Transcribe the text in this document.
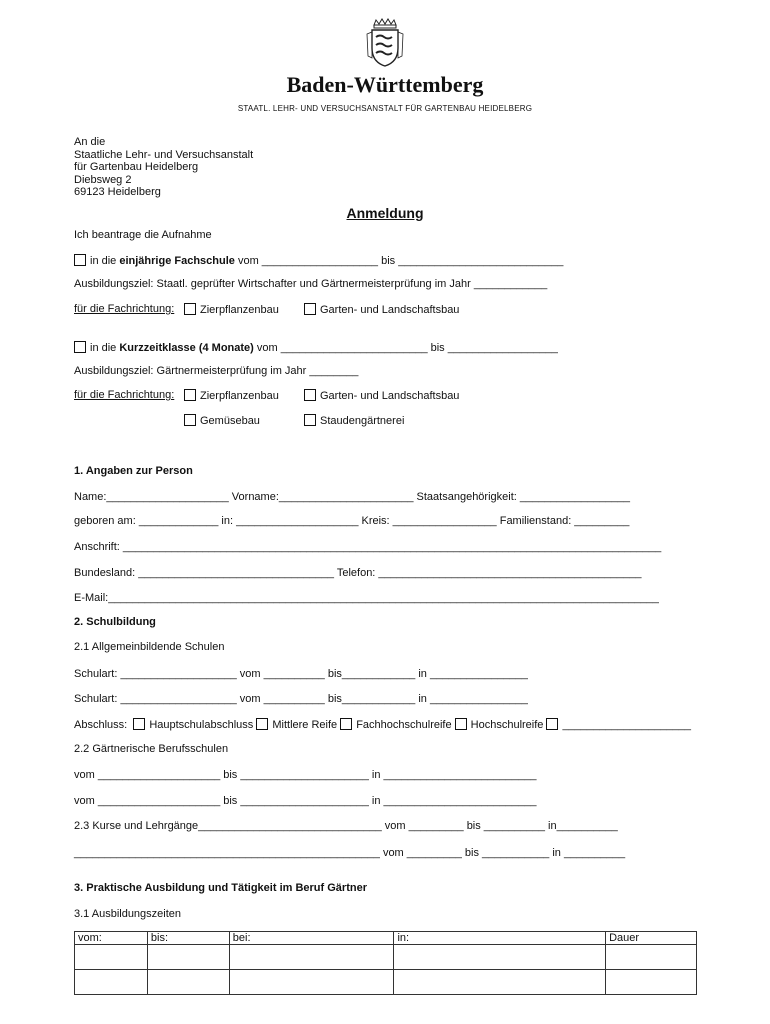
Baden-Württemberg
STAATL. LEHR- UND VERSUCHSANSTALT FÜR GARTENBAU HEIDELBERG
An die
Staatliche Lehr- und Versuchsanstalt
für Gartenbau Heidelberg
Diebsweg 2
69123 Heidelberg
Anmeldung
Ich beantrage die Aufnahme
in die einjährige Fachschule vom ___________________ bis ___________________________
Ausbildungsziel: Staatl. geprüfter Wirtschafter und Gärtnermeisterprüfung im Jahr ____________
für die Fachrichtung:	Zierpflanzenbau	Garten- und Landschaftsbau
in die Kurzzeitklasse (4 Monate) vom ________________________ bis __________________
Ausbildungsziel: Gärtnermeisterprüfung im Jahr ________
für die Fachrichtung:	Zierpflanzenbau	Garten- und Landschaftsbau
Gemüsebau	Staudengärtnerei
1. Angaben zur Person
Name:____________________ Vorname:______________________ Staatsangehörigkeit: __________________
geboren am: _____________ in: ____________________ Kreis: _________________ Familienstand: _________
Anschrift: ________________________________________________________________________________________
Bundesland: ________________________________ Telefon: ___________________________________________
E-Mail:__________________________________________________________________________________________
2. Schulbildung
2.1 Allgemeinbildende Schulen
Schulart: ___________________ vom __________ bis____________ in ________________
Schulart: ___________________ vom __________ bis____________ in ________________
Abschluss: Hauptschulabschluss Mittlere Reife Fachhochschulreife Hochschulreife _____________________
2.2 Gärtnerische Berufsschulen
vom ____________________ bis _____________________ in _________________________
vom ____________________ bis _____________________ in _________________________
2.3 Kurse und Lehrgänge______________________________ vom _________ bis __________ in__________
__________________________________________________ vom _________ bis ___________ in __________
3. Praktische Ausbildung und Tätigkeit im Beruf Gärtner
3.1 Ausbildungszeiten
vom:	bis:	bei:	in:	Dauer
